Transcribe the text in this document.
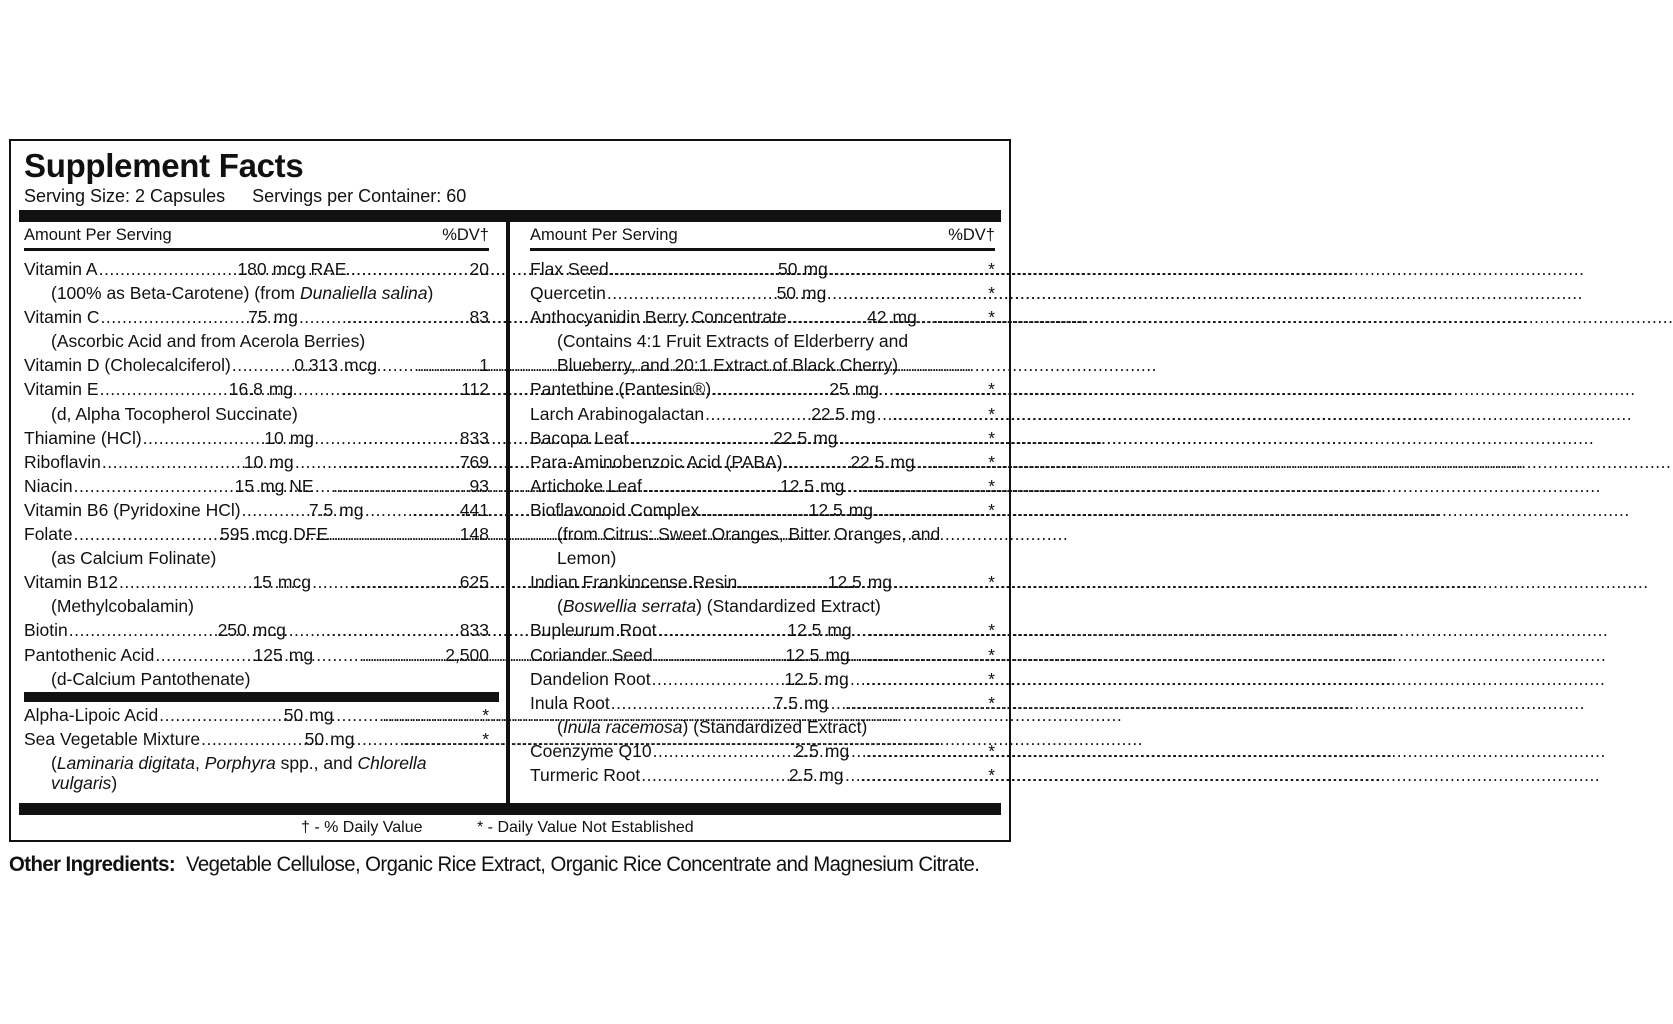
Supplement Facts
Serving Size: 2 Capsules Servings per Container: 60
Amount Per Serving	%DV†
Vitamin A .....	180 mcg RAE .....	20
(100% as Beta-Carotene) (from Dunaliella salina)
Vitamin C .....	75 mg .....	83
(Ascorbic Acid and from Acerola Berries)
Vitamin D (Cholecalciferol) .....	0.313 mcg .....	1
Vitamin E .....	16.8 mg .....	112
(d, Alpha Tocopherol Succinate)
Thiamine (HCl) .....	10 mg .....	833
Riboflavin .....	10 mg .....	769
Niacin .....	15 mg NE .....	93
Vitamin B6 (Pyridoxine HCl) .....	7.5 mg .....	441
Folate .....	595 mcg DFE .....	148
(as Calcium Folinate)
Vitamin B12 .....	15 mcg .....	625
(Methylcobalamin)
Biotin .....	250 mcg .....	833
Pantothenic Acid .....	125 mg .....	2,500
(d-Calcium Pantothenate)
Alpha-Lipoic Acid .....	50 mg .....	*
Sea Vegetable Mixture .....	50 mg .....	*
(Laminaria digitata, Porphyra spp., and Chlorella
vulgaris)
Amount Per Serving	%DV†
Flax Seed .....	50 mg .....	*
Quercetin .....	50 mg .....	*
Anthocyanidin Berry Concentrate .....	42 mg .....	*
(Contains 4:1 Fruit Extracts of Elderberry and
Blueberry, and 20:1 Extract of Black Cherry)
Pantethine (Pantesin®) .....	25 mg .....	*
Larch Arabinogalactan .....	22.5 mg .....	*
Bacopa Leaf .....	22.5 mg .....	*
Para-Aminobenzoic Acid (PABA) .....	22.5 mg .....	*
Artichoke Leaf .....	12.5 mg .....	*
Bioflavonoid Complex .....	12.5 mg .....	*
(from Citrus: Sweet Oranges, Bitter Oranges, and
Lemon)
Indian Frankincense Resin .....	12.5 mg .....	*
(Boswellia serrata) (Standardized Extract)
Bupleurum Root .....	12.5 mg .....	*
Coriander Seed .....	12.5 mg .....	*
Dandelion Root .....	12.5 mg .....	*
Inula Root .....	7.5 mg .....	*
(Inula racemosa) (Standardized Extract)
Coenzyme Q10 .....	2.5 mg .....	*
Turmeric Root .....	2.5 mg .....	*
† - % Daily Value	* - Daily Value Not Established
Other Ingredients: Vegetable Cellulose, Organic Rice Extract, Organic Rice Concentrate and Magnesium Citrate.
